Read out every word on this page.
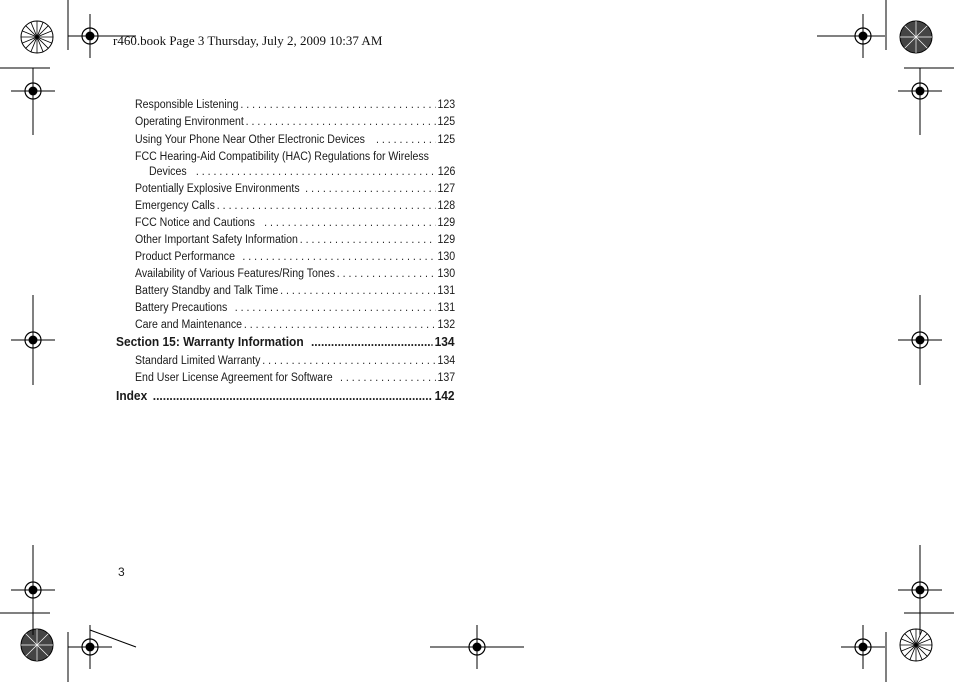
r460.book Page 3 Thursday, July 2, 2009 10:37 AM
Responsible Listening . . .	123
Operating Environment . . .	125
Using Your Phone Near Other Electronic Devices . . .	125
FCC Hearing-Aid Compatibility (HAC) Regulations for Wireless
Devices . . .	126
Potentially Explosive Environments . . .	127
Emergency Calls . . .	128
FCC Notice and Cautions . . .	129
Other Important Safety Information . . .	129
Product Performance . . .	130
Availability of Various Features/Ring Tones . . .	130
Battery Standby and Talk Time . . .	131
Battery Precautions . . .	131
Care and Maintenance . . .	132
Section 15: Warranty Information .....	134
Standard Limited Warranty . . .	134
End User License Agreement for Software . . .	137
Index .....	142
3
